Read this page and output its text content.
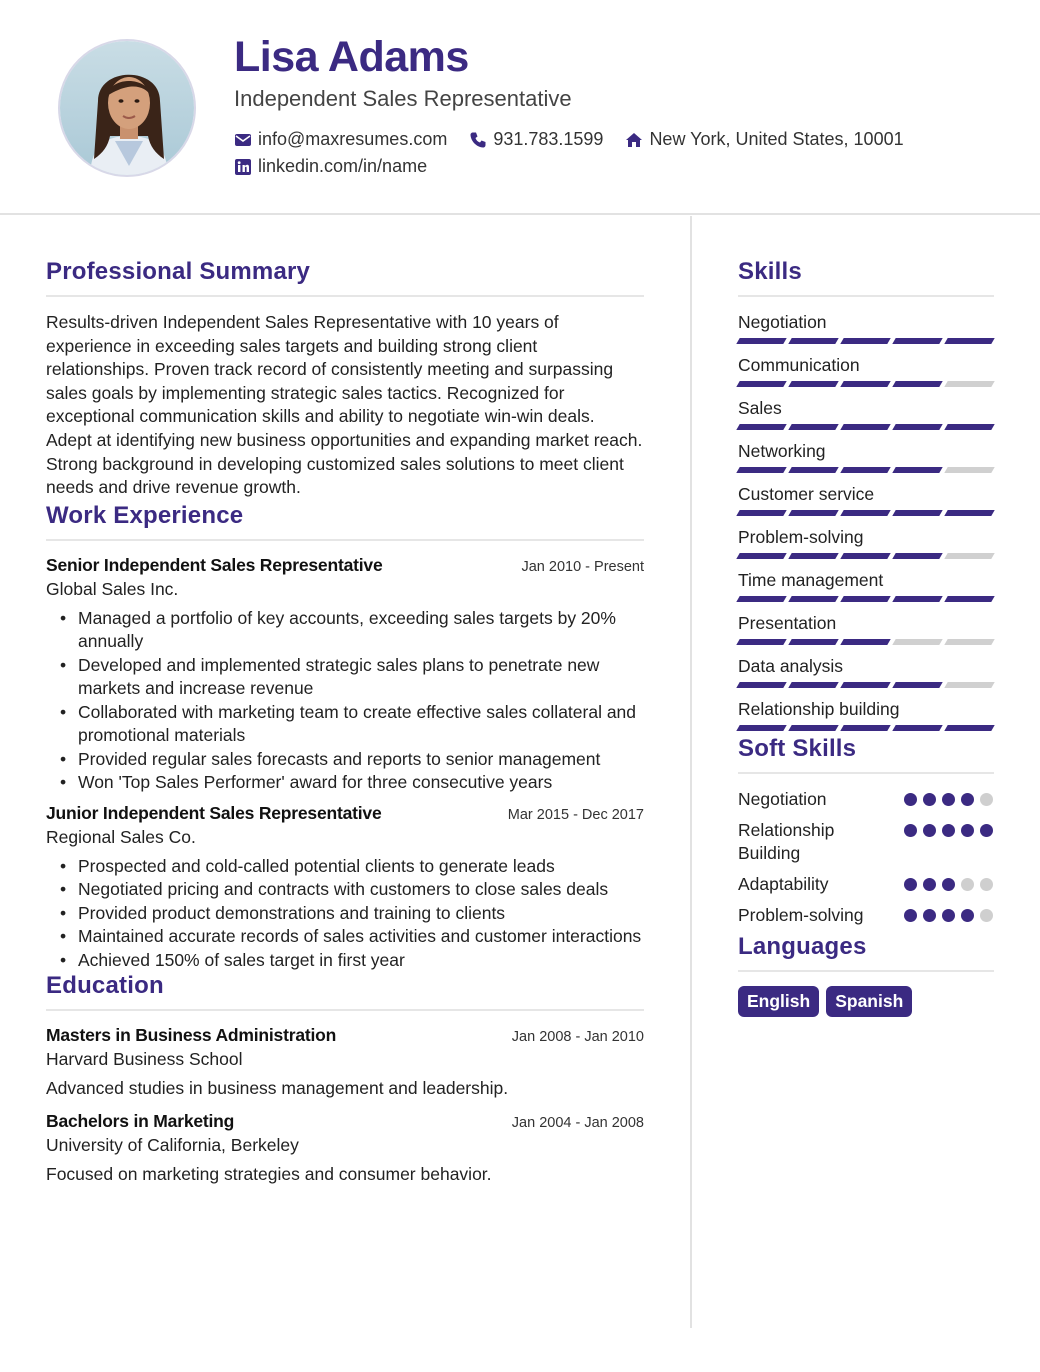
Lisa Adams
Independent Sales Representative
info@maxresumes.com	931.783.1599	New York, United States, 10001
linkedin.com/in/name
Professional Summary

Results-driven Independent Sales Representative with 10 years of experience in exceeding sales targets and building strong client relationships. Proven track record of consistently meeting and surpassing sales goals by implementing strategic sales tactics. Recognized for exceptional communication skills and ability to negotiate win-win deals. Adept at identifying new business opportunities and expanding market reach. Strong background in developing customized sales solutions to meet client needs and drive revenue growth.

Work Experience
Senior Independent Sales Representative	Jan 2010 - Present
Global Sales Inc.
• Managed a portfolio of key accounts, exceeding sales targets by 20% annually
• Developed and implemented strategic sales plans to penetrate new markets and increase revenue
• Collaborated with marketing team to create effective sales collateral and promotional materials
• Provided regular sales forecasts and reports to senior management
• Won 'Top Sales Performer' award for three consecutive years
Junior Independent Sales Representative	Mar 2015 - Dec 2017
Regional Sales Co.
• Prospected and cold-called potential clients to generate leads
• Negotiated pricing and contracts with customers to close sales deals
• Provided product demonstrations and training to clients
• Maintained accurate records of sales activities and customer interactions
• Achieved 150% of sales target in first year
Education
Masters in Business Administration	Jan 2008 - Jan 2010
Harvard Business School
Advanced studies in business management and leadership.
Bachelors in Marketing	Jan 2004 - Jan 2008
University of California, Berkeley
Focused on marketing strategies and consumer behavior.
Skills
Negotiation
Communication
Sales
Networking
Customer service
Problem-solving
Time management
Presentation
Data analysis
Relationship building
Soft Skills
Negotiation
Relationship Building
Adaptability
Problem-solving
Languages
English	Spanish
